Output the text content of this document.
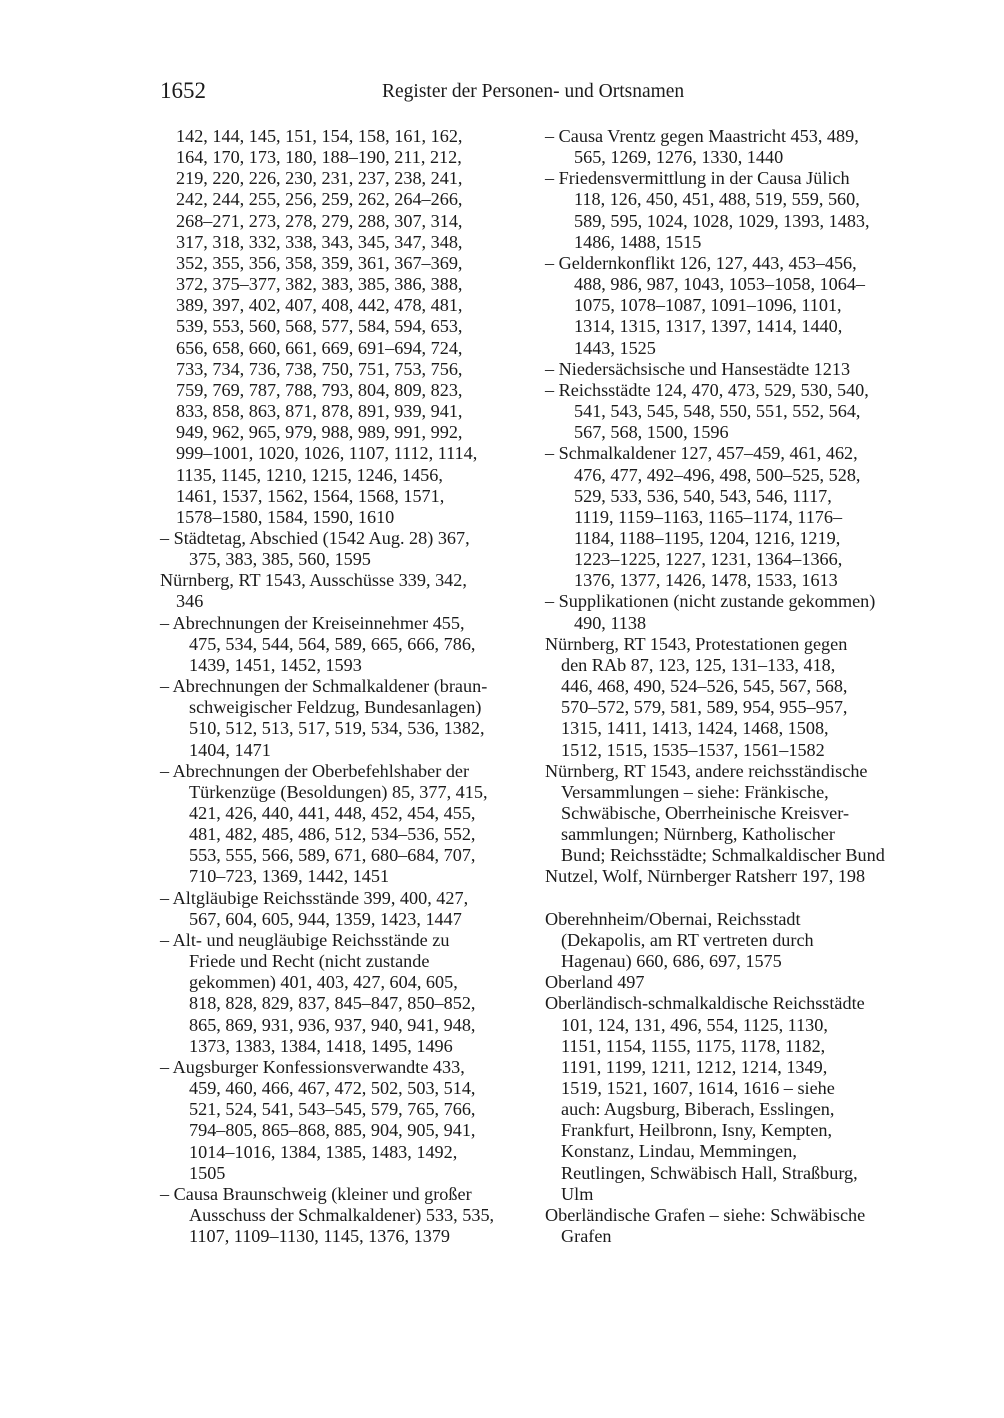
1652	Register der Personen- und Ortsnamen
142, 144, 145, 151, 154, 158, 161, 162,
164, 170, 173, 180, 188–190, 211, 212,
219, 220, 226, 230, 231, 237, 238, 241,
242, 244, 255, 256, 259, 262, 264–266,
268–271, 273, 278, 279, 288, 307, 314,
317, 318, 332, 338, 343, 345, 347, 348,
352, 355, 356, 358, 359, 361, 367–369,
372, 375–377, 382, 383, 385, 386, 388,
389, 397, 402, 407, 408, 442, 478, 481,
539, 553, 560, 568, 577, 584, 594, 653,
656, 658, 660, 661, 669, 691–694, 724,
733, 734, 736, 738, 750, 751, 753, 756,
759, 769, 787, 788, 793, 804, 809, 823,
833, 858, 863, 871, 878, 891, 939, 941,
949, 962, 965, 979, 988, 989, 991, 992,
999–1001, 1020, 1026, 1107, 1112, 1114,
1135, 1145, 1210, 1215, 1246, 1456,
1461, 1537, 1562, 1564, 1568, 1571,
1578–1580, 1584, 1590, 1610
– Städtetag, Abschied (1542 Aug. 28) 367,
375, 383, 385, 560, 1595
Nürnberg, RT 1543, Ausschüsse 339, 342,
346
– Abrechnungen der Kreiseinnehmer 455,
475, 534, 544, 564, 589, 665, 666, 786,
1439, 1451, 1452, 1593
– Abrechnungen der Schmalkaldener (braun-
schweigischer Feldzug, Bundesanlagen)
510, 512, 513, 517, 519, 534, 536, 1382,
1404, 1471
– Abrechnungen der Oberbefehlshaber der
Türkenzüge (Besoldungen) 85, 377, 415,
421, 426, 440, 441, 448, 452, 454, 455,
481, 482, 485, 486, 512, 534–536, 552,
553, 555, 566, 589, 671, 680–684, 707,
710–723, 1369, 1442, 1451
– Altgläubige Reichsstände 399, 400, 427,
567, 604, 605, 944, 1359, 1423, 1447
– Alt- und neugläubige Reichsstände zu
Friede und Recht (nicht zustande
gekommen) 401, 403, 427, 604, 605,
818, 828, 829, 837, 845–847, 850–852,
865, 869, 931, 936, 937, 940, 941, 948,
1373, 1383, 1384, 1418, 1495, 1496
– Augsburger Konfessionsverwandte 433,
459, 460, 466, 467, 472, 502, 503, 514,
521, 524, 541, 543–545, 579, 765, 766,
794–805, 865–868, 885, 904, 905, 941,
1014–1016, 1384, 1385, 1483, 1492,
1505
– Causa Braunschweig (kleiner und großer
Ausschuss der Schmalkaldener) 533, 535,
1107, 1109–1130, 1145, 1376, 1379
– Causa Vrentz gegen Maastricht 453, 489,
565, 1269, 1276, 1330, 1440
– Friedensvermittlung in der Causa Jülich
118, 126, 450, 451, 488, 519, 559, 560,
589, 595, 1024, 1028, 1029, 1393, 1483,
1486, 1488, 1515
– Geldernkonflikt 126, 127, 443, 453–456,
488, 986, 987, 1043, 1053–1058, 1064–
1075, 1078–1087, 1091–1096, 1101,
1314, 1315, 1317, 1397, 1414, 1440,
1443, 1525
– Niedersächsische und Hansestädte 1213
– Reichsstädte 124, 470, 473, 529, 530, 540,
541, 543, 545, 548, 550, 551, 552, 564,
567, 568, 1500, 1596
– Schmalkaldener 127, 457–459, 461, 462,
476, 477, 492–496, 498, 500–525, 528,
529, 533, 536, 540, 543, 546, 1117,
1119, 1159–1163, 1165–1174, 1176–
1184, 1188–1195, 1204, 1216, 1219,
1223–1225, 1227, 1231, 1364–1366,
1376, 1377, 1426, 1478, 1533, 1613
– Supplikationen (nicht zustande gekommen)
490, 1138
Nürnberg, RT 1543, Protestationen gegen
den RAb 87, 123, 125, 131–133, 418,
446, 468, 490, 524–526, 545, 567, 568,
570–572, 579, 581, 589, 954, 955–957,
1315, 1411, 1413, 1424, 1468, 1508,
1512, 1515, 1535–1537, 1561–1582
Nürnberg, RT 1543, andere reichsständische
Versammlungen – siehe: Fränkische,
Schwäbische, Oberrheinische Kreisver-
sammlungen; Nürnberg, Katholischer
Bund; Reichsstädte; Schmalkaldischer Bund
Nutzel, Wolf, Nürnberger Ratsherr 197, 198
Oberehnheim/Obernai, Reichsstadt
(Dekapolis, am RT vertreten durch
Hagenau) 660, 686, 697, 1575
Oberland 497
Oberländisch-schmalkaldische Reichsstädte
101, 124, 131, 496, 554, 1125, 1130,
1151, 1154, 1155, 1175, 1178, 1182,
1191, 1199, 1211, 1212, 1214, 1349,
1519, 1521, 1607, 1614, 1616 – siehe
auch: Augsburg, Biberach, Esslingen,
Frankfurt, Heilbronn, Isny, Kempten,
Konstanz, Lindau, Memmingen,
Reutlingen, Schwäbisch Hall, Straßburg,
Ulm
Oberländische Grafen – siehe: Schwäbische
Grafen
